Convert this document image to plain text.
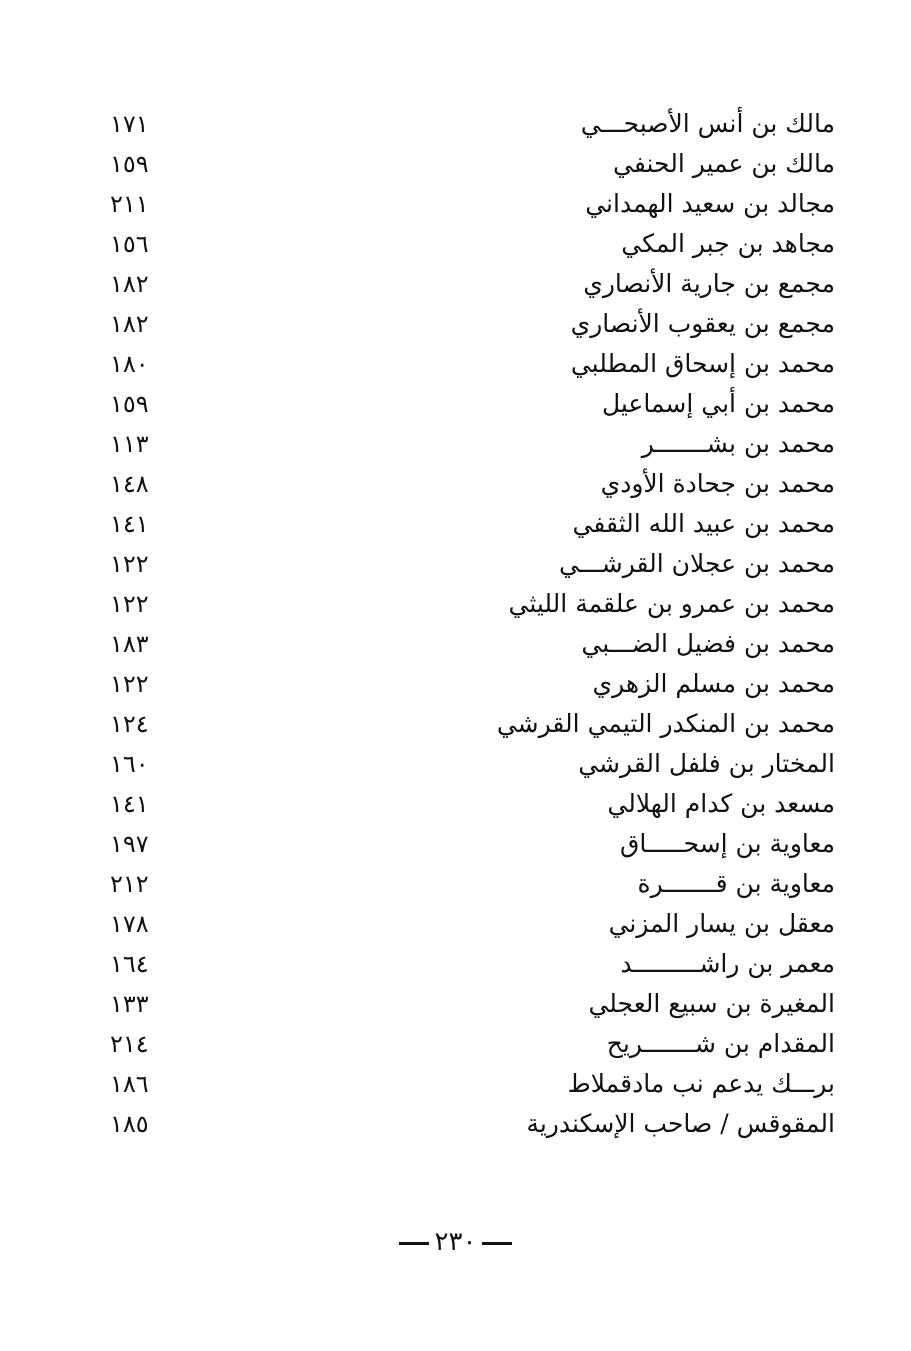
مالك بن أنس الأصبحـــي
١٧١
مالك بن عمير الحنفي
١٥٩
مجالد بن سعيد الهمداني
٢١١
مجاهد بن جبر المكي
١٥٦
مجمع بن جارية الأنصاري
١٨٢
مجمع بن يعقوب الأنصاري
١٨٢
محمد بن إسحاق المطلبي
١٨٠
محمد بن أبي إسماعيل
١٥٩
محمد بن بشـــــــر
١١٣
محمد بن جحادة الأودي
١٤٨
محمد بن عبيد الله الثقفي
١٤١
محمد بن عجلان القرشـــي
١٢٢
محمد بن عمرو بن علقمة الليثي
١٢٢
محمد بن فضيل الضـــبي
١٨٣
محمد بن مسلم الزهري
١٢٢
محمد بن المنكدر التيمي القرشي
١٢٤
المختار بن فلفل القرشي
١٦٠
مسعد بن كدام الهلالي
١٤١
معاوية بن إسحـــــاق
١٩٧
معاوية بن قـــــــرة
٢١٢
معقل بن يسار المزني
١٧٨
معمر بن راشـــــــــد
١٦٤
المغيرة بن سبيع العجلي
١٣٣
المقدام بن شـــــــريح
٢١٤
برـــك يدعم نب مادقملاط
١٨٦
المقوقس / صاحب الإسكندرية
١٨٥
٢٣٠
